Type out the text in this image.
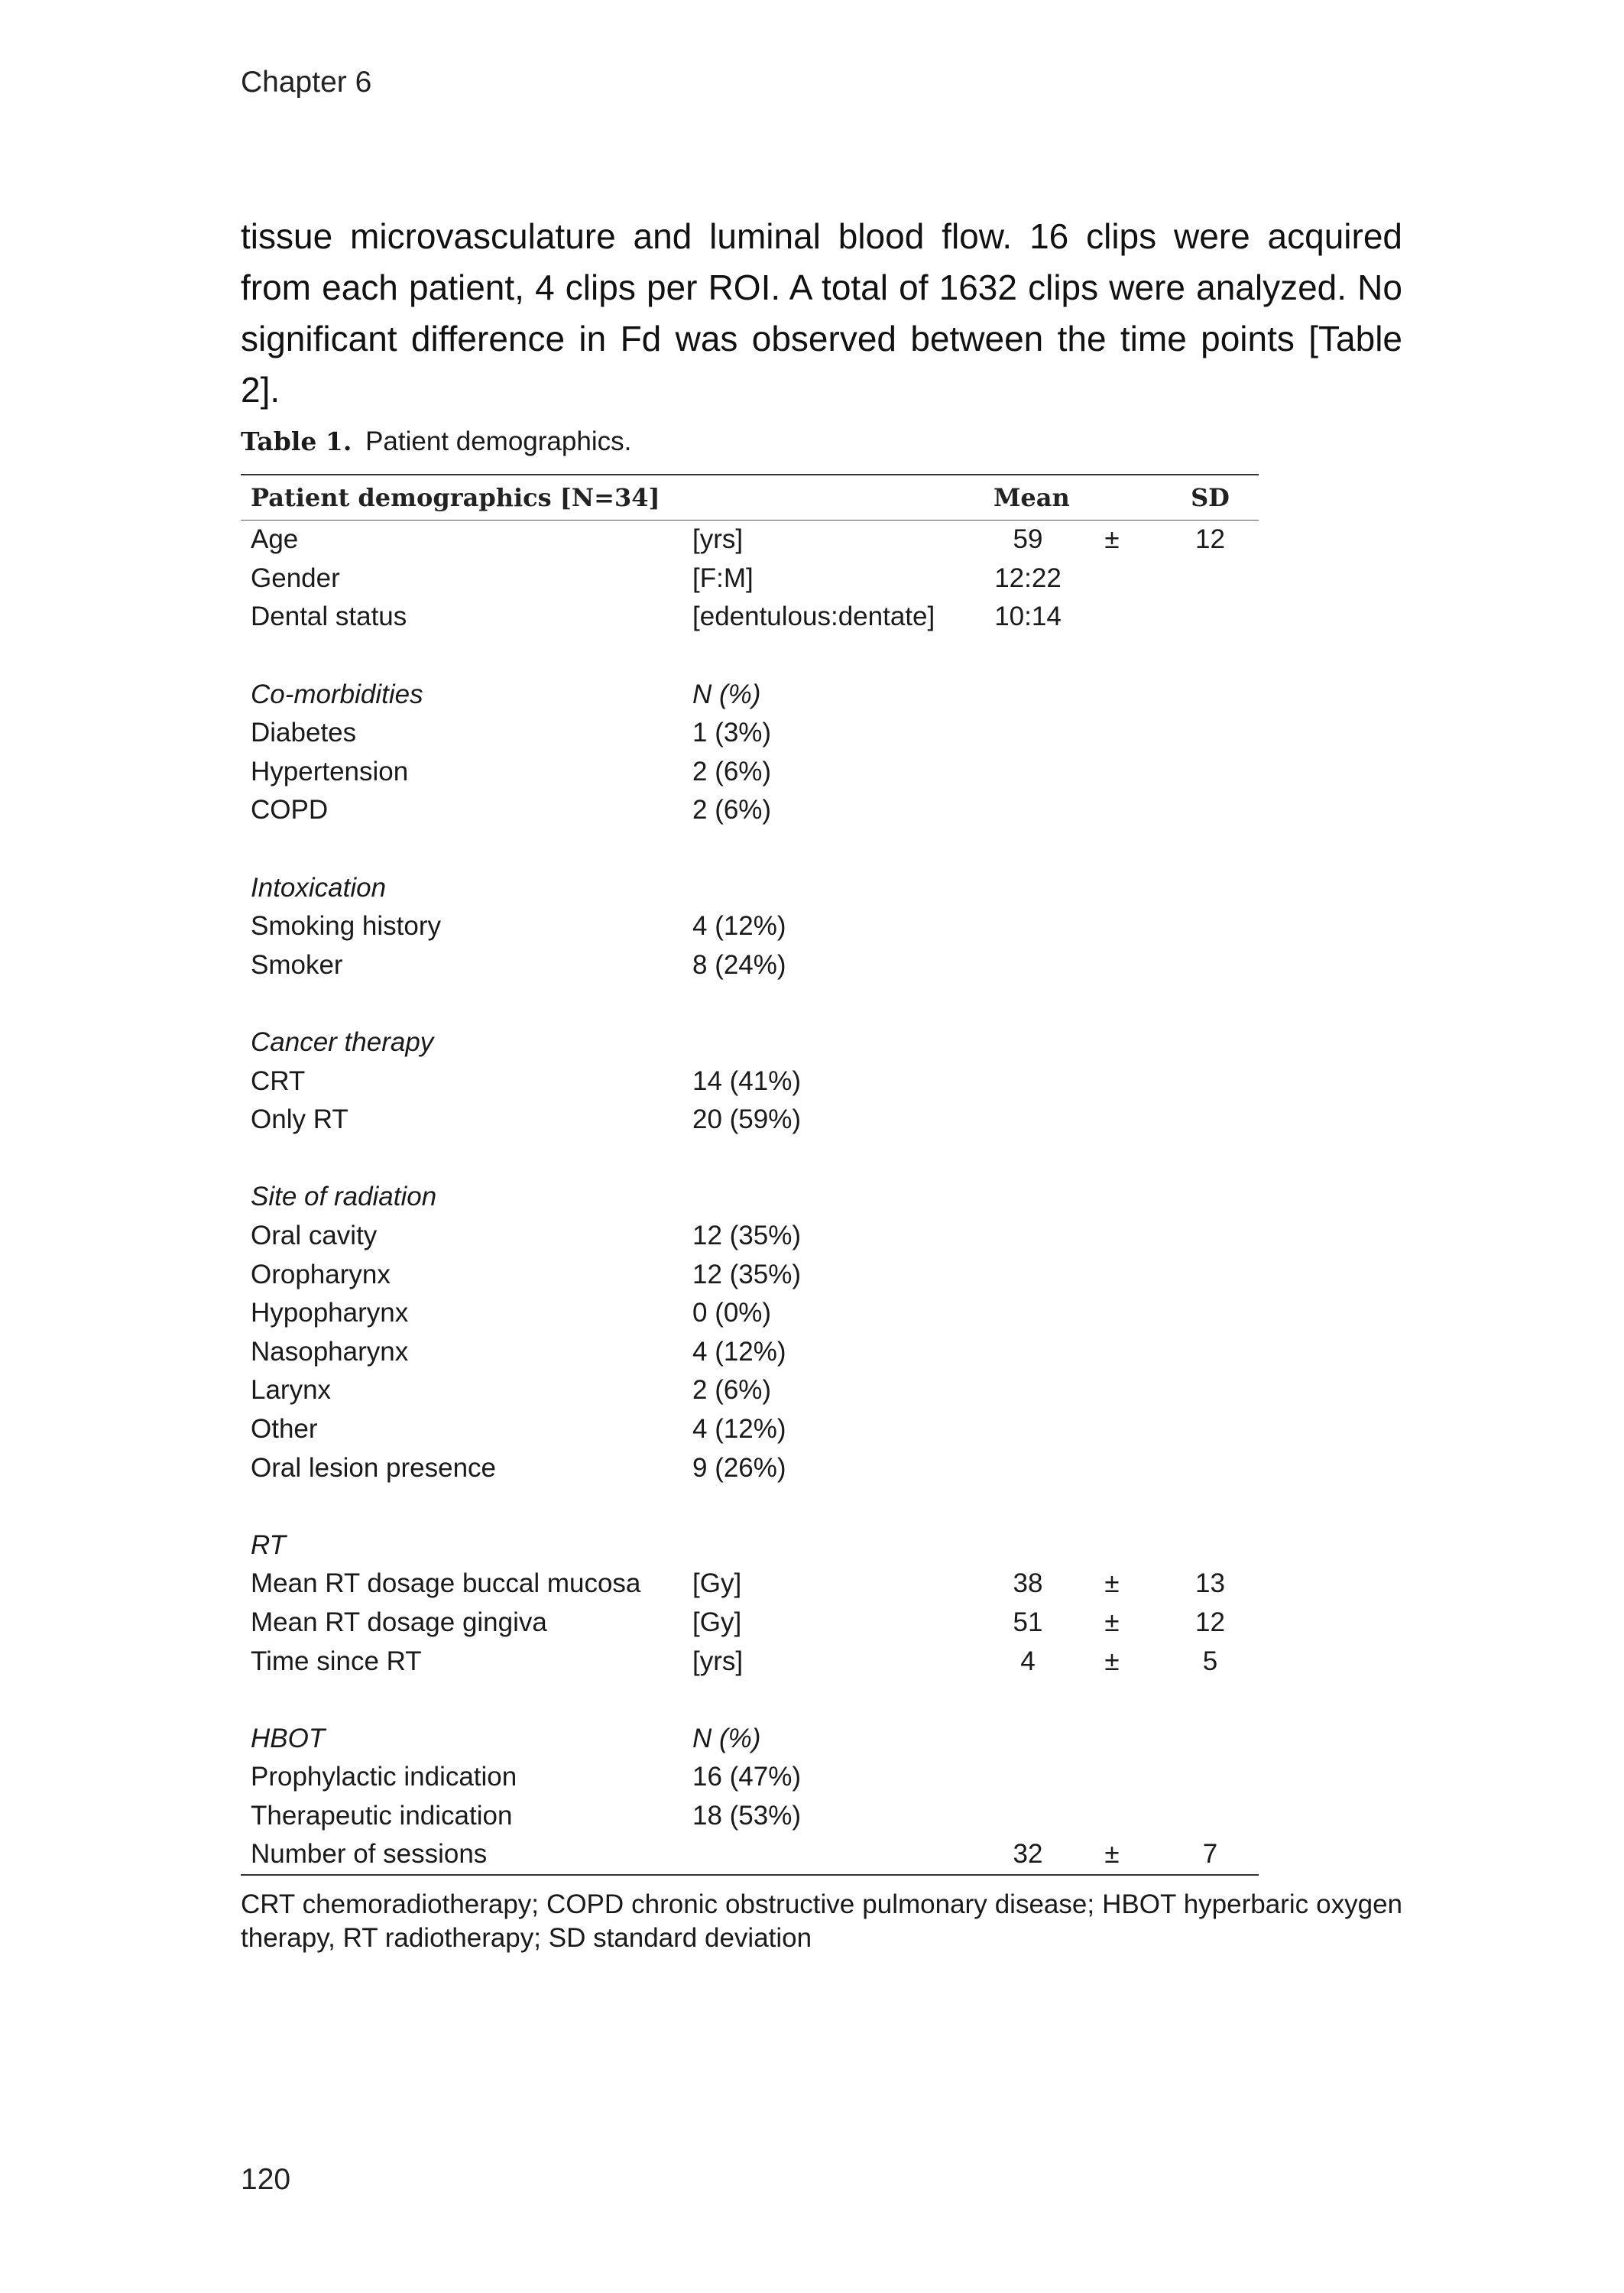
Chapter 6
tissue microvasculature and luminal blood flow. 16 clips were acquired from each patient, 4 clips per ROI. A total of 1632 clips were analyzed. No significant difference in Fd was observed between the time points [Table 2].
Table 1. Patient demographics.
Patient demographics [N=34]		Mean		SD
Age	[yrs]	59	±	12
Gender	[F:M]	12:22		
Dental status	[edentulous:dentate]	10:14		

Co-morbidities	N (%)			
Diabetes	1 (3%)			
Hypertension	2 (6%)			
COPD	2 (6%)			

Intoxication				
Smoking history	4 (12%)			
Smoker	8 (24%)			

Cancer therapy				
CRT	14 (41%)			
Only RT	20 (59%)			

Site of radiation				
Oral cavity	12 (35%)			
Oropharynx	12 (35%)			
Hypopharynx	0 (0%)			
Nasopharynx	4 (12%)			
Larynx	2 (6%)			
Other	4 (12%)			
Oral lesion presence	9 (26%)			

RT				
Mean RT dosage buccal mucosa	[Gy]	38	±	13
Mean RT dosage gingiva	[Gy]	51	±	12
Time since RT	[yrs]	4	±	5

HBOT	N (%)			
Prophylactic indication	16 (47%)			
Therapeutic indication	18 (53%)			
Number of sessions		32	±	7
CRT chemoradiotherapy; COPD chronic obstructive pulmonary disease; HBOT hyperbaric oxygen therapy, RT radiotherapy; SD standard deviation
120
